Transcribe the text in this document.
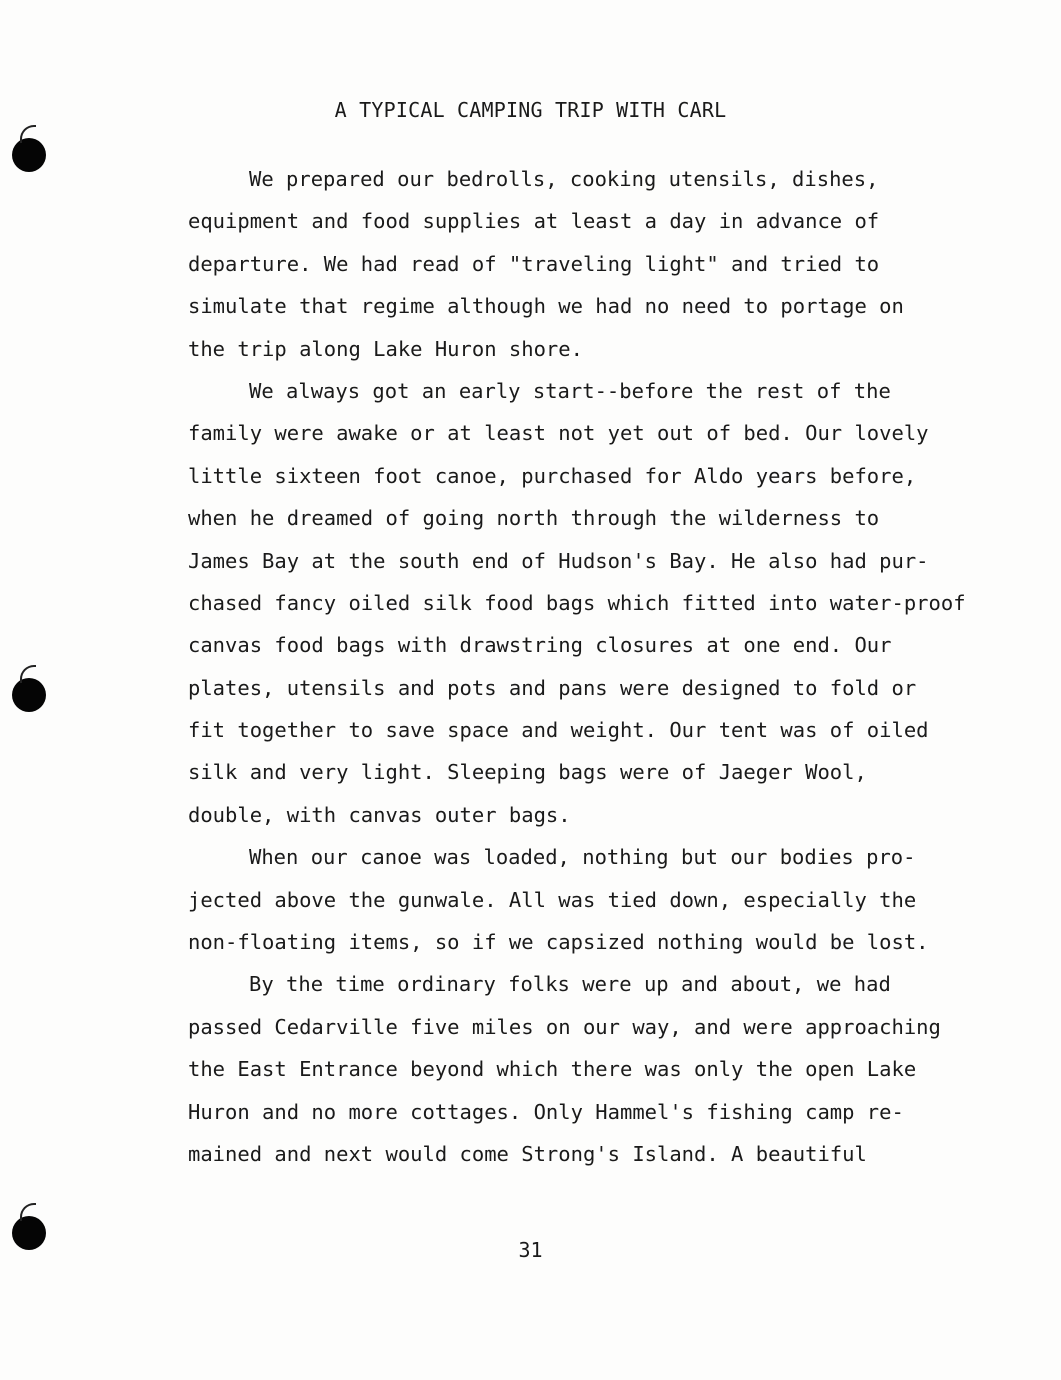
A TYPICAL CAMPING TRIP WITH CARL
We prepared our bedrolls, cooking utensils, dishes,
equipment and food supplies at least a day in advance of
departure. We had read of "traveling light" and tried to
simulate that regime although we had no need to portage on
the trip along Lake Huron shore.
We always got an early start--before the rest of the
family were awake or at least not yet out of bed. Our lovely
little sixteen foot canoe, purchased for Aldo years before,
when he dreamed of going north through the wilderness to
James Bay at the south end of Hudson's Bay. He also had pur-
chased fancy oiled silk food bags which fitted into water-proof
canvas food bags with drawstring closures at one end. Our
plates, utensils and pots and pans were designed to fold or
fit together to save space and weight. Our tent was of oiled
silk and very light. Sleeping bags were of Jaeger Wool,
double, with canvas outer bags.
When our canoe was loaded, nothing but our bodies pro-
jected above the gunwale. All was tied down, especially the
non-floating items, so if we capsized nothing would be lost.
By the time ordinary folks were up and about, we had
passed Cedarville five miles on our way, and were approaching
the East Entrance beyond which there was only the open Lake
Huron and no more cottages. Only Hammel's fishing camp re-
mained and next would come Strong's Island. A beautiful
31
